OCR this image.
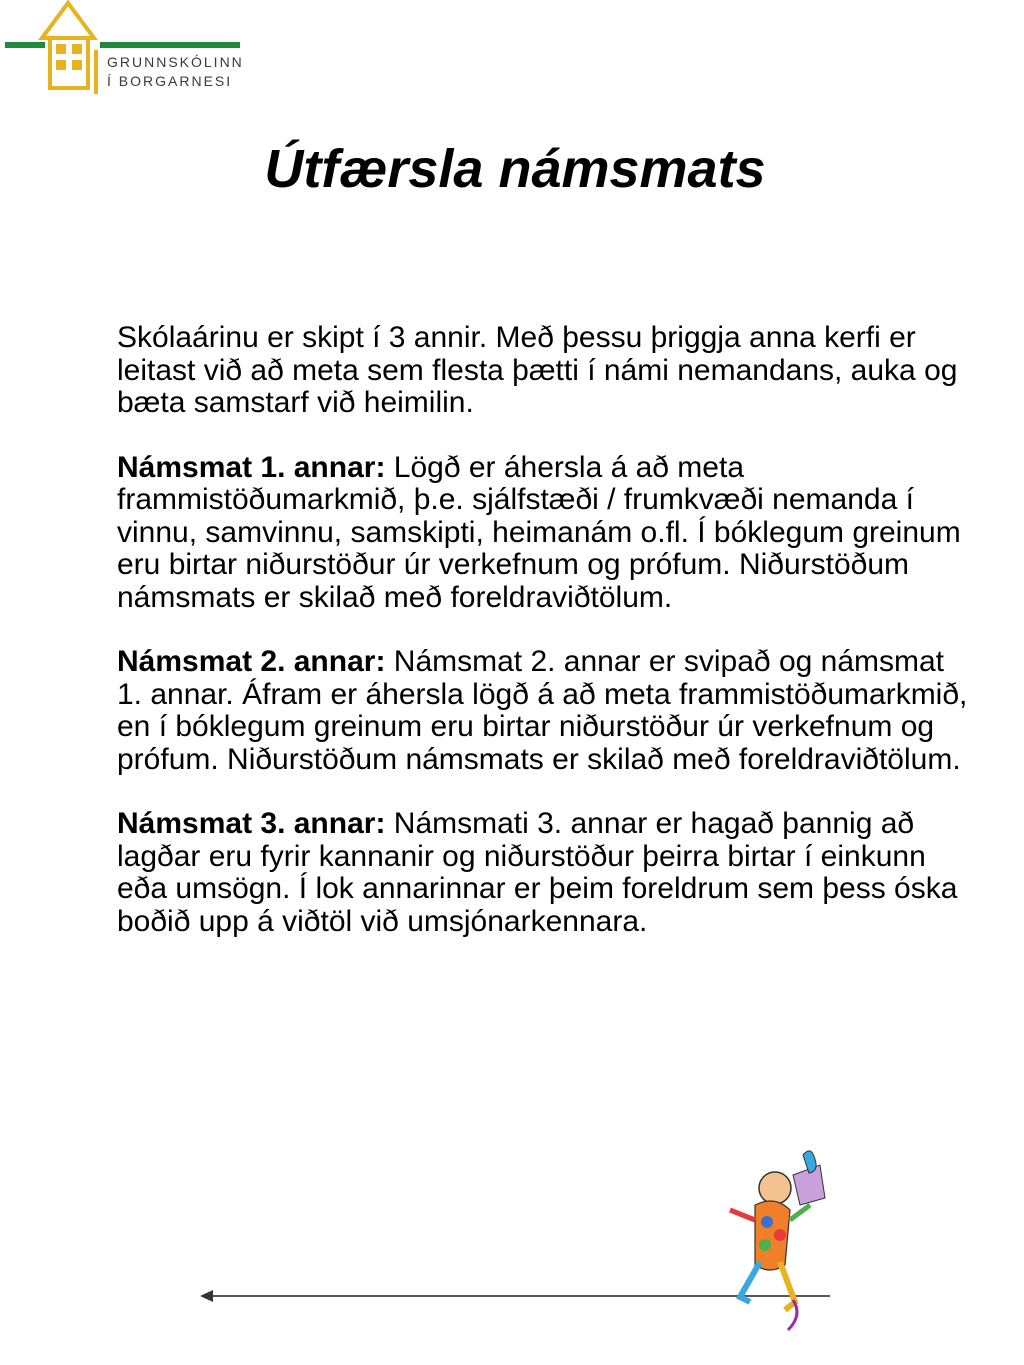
GRUNNSKÓLINN
Í BORGARNESI
Útfærsla námsmats

Skólaárinu er skipt í 3 annir. Með þessu þriggja anna kerfi er leitast við að meta sem flesta þætti í námi nemandans, auka og bæta samstarf við heimilin.

Námsmat 1. annar: Lögð er áhersla á að meta frammistöðumarkmið, þ.e. sjálfstæði / frumkvæði nemanda í vinnu, samvinnu, samskipti, heimanám o.fl. Í bóklegum greinum eru birtar niðurstöður úr verkefnum og prófum. Niðurstöðum námsmats er skilað með foreldraviðtölum.

Námsmat 2. annar: Námsmat 2. annar er svipað og námsmat 1. annar. Áfram er áhersla lögð á að meta frammistöðumarkmið, en í bóklegum greinum eru birtar niðurstöður úr verkefnum og prófum. Niðurstöðum námsmats er skilað með foreldraviðtölum.

Námsmat 3. annar: Námsmati 3. annar er hagað þannig að lagðar eru fyrir kannanir og niðurstöður þeirra birtar í einkunn eða umsögn. Í lok annarinnar er þeim foreldrum sem þess óska boðið upp á viðtöl við umsjónarkennara.
